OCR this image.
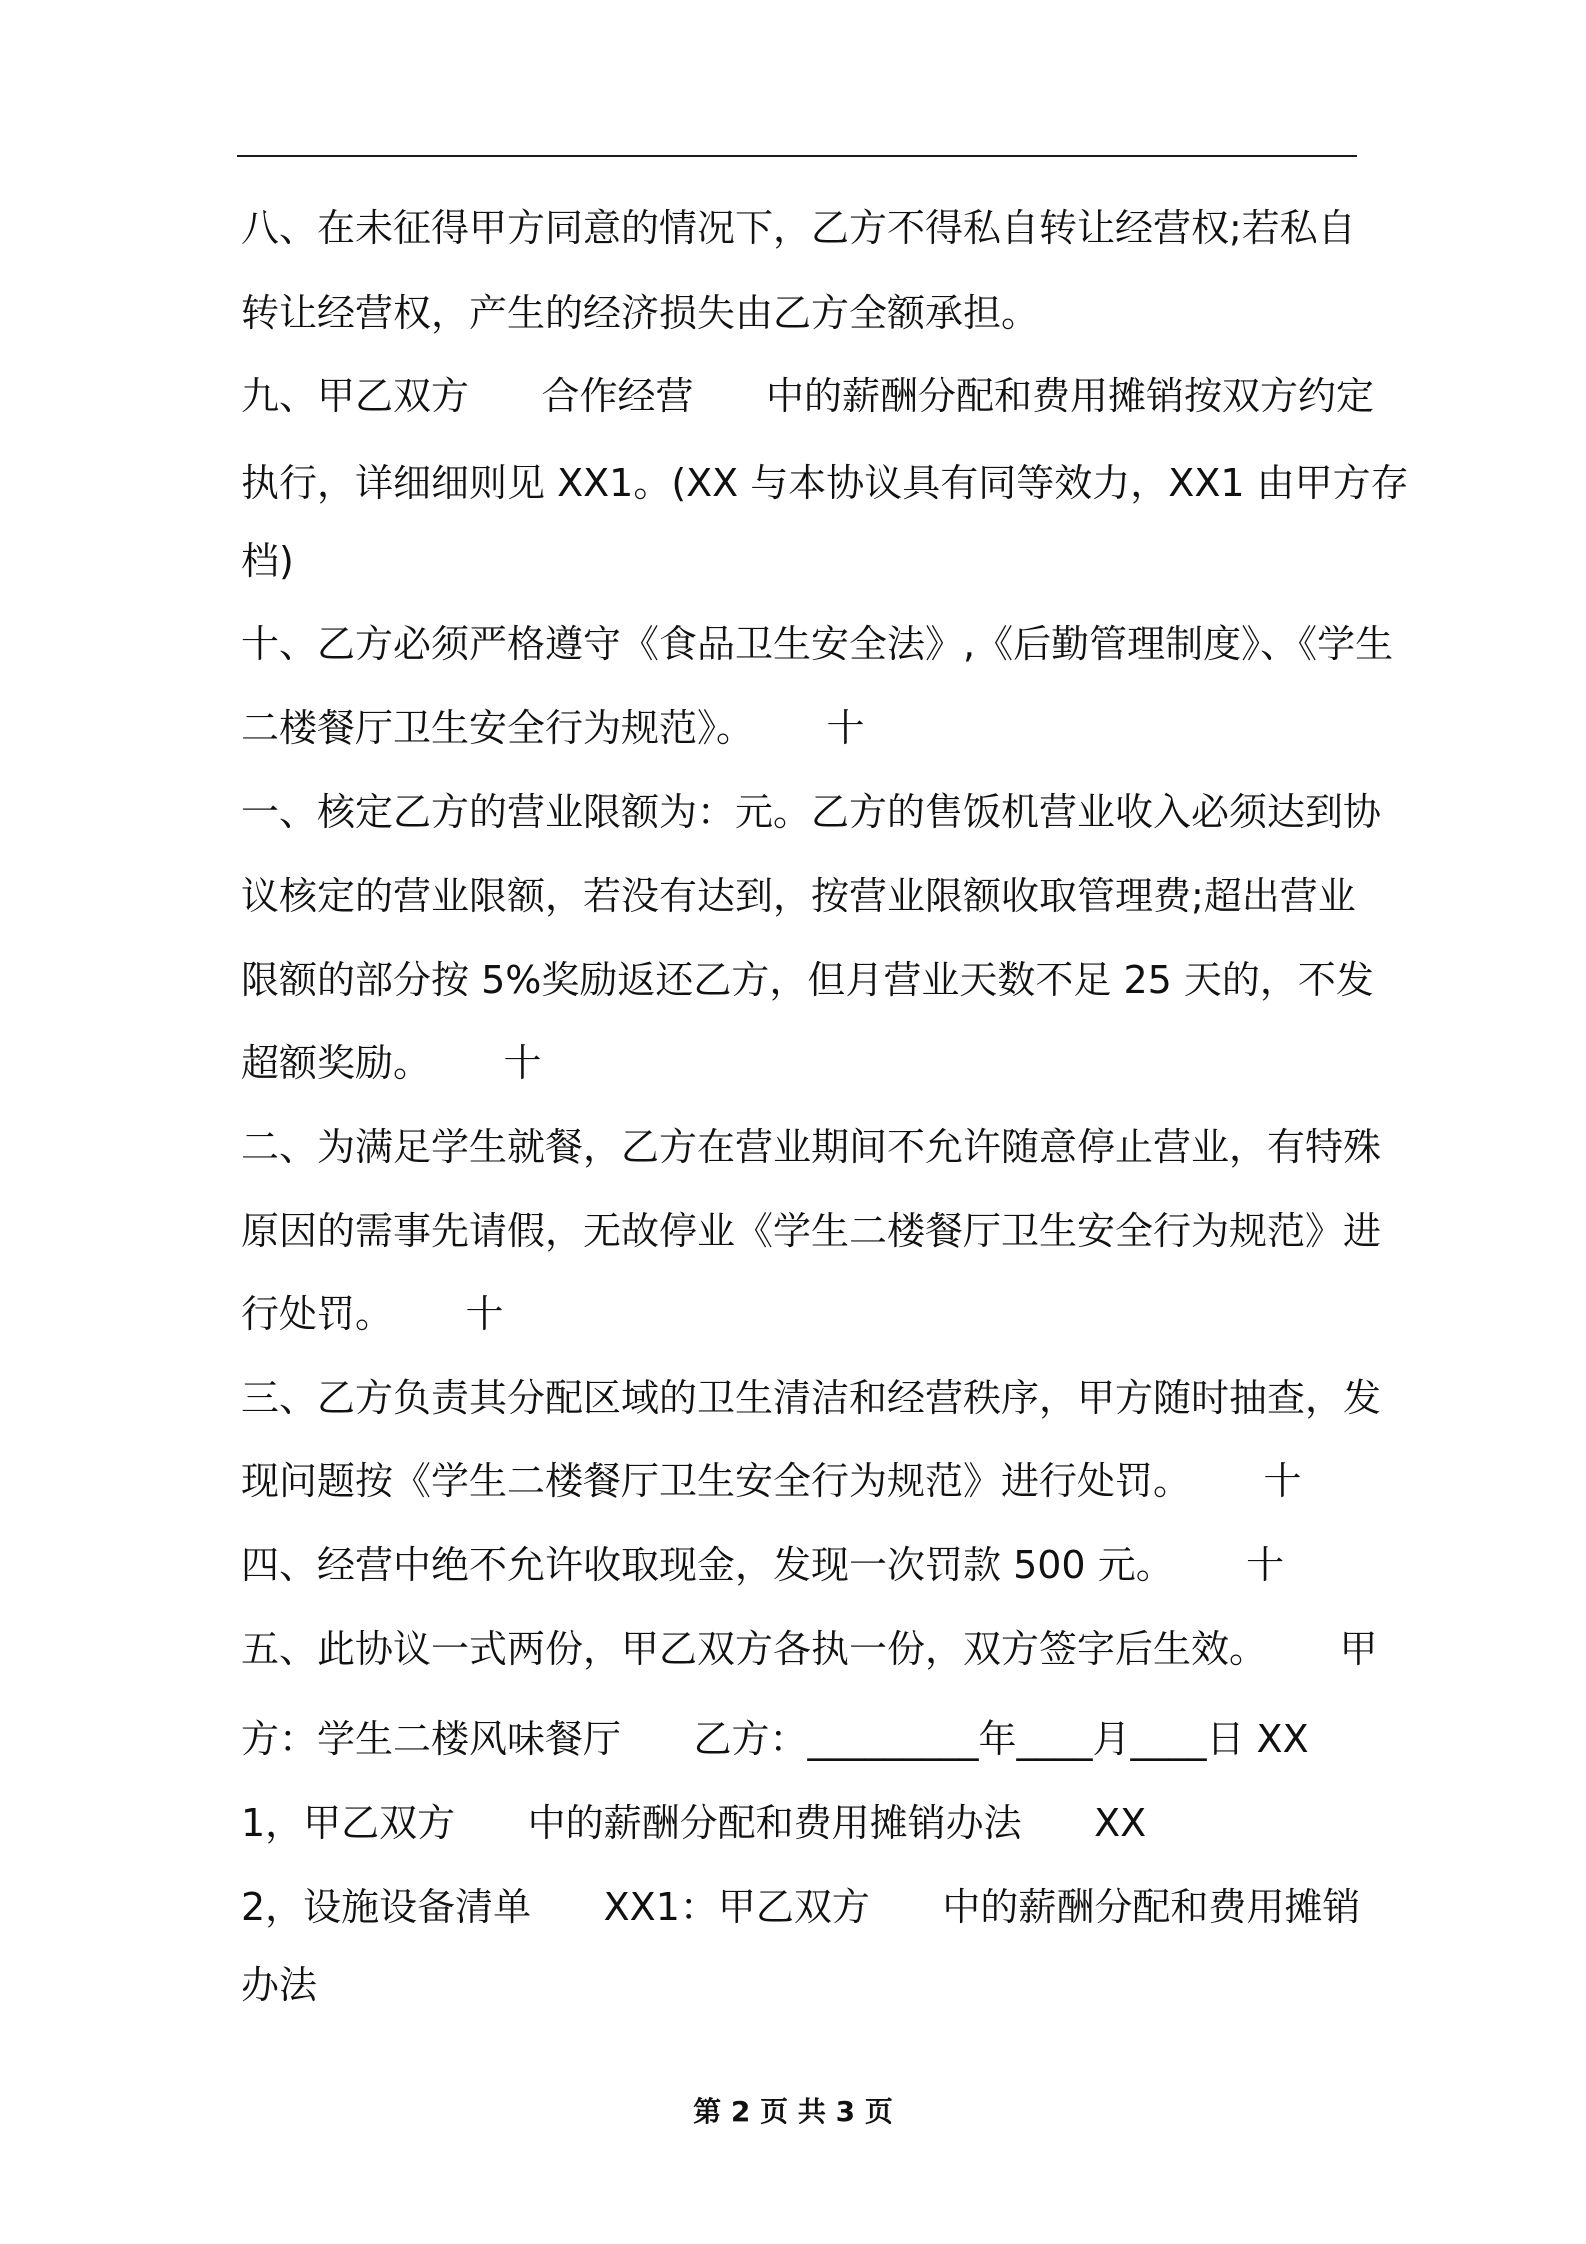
八、在未征得甲方同意的情况下，乙方不得私自转让经营权;若私自
转让经营权，产生的经济损失由乙方全额承担。
九、甲乙双方      合作经营      中的薪酬分配和费用摊销按双方约定
执行，详细细则见 XX1。(XX 与本协议具有同等效力，XX1 由甲方存
档)
十、乙方必须严格遵守《食品卫生安全法》,《后勤管理制度》、《学生
二楼餐厅卫生安全行为规范》。      十
一、核定乙方的营业限额为：元。乙方的售饭机营业收入必须达到协
议核定的营业限额，若没有达到，按营业限额收取管理费;超出营业
限额的部分按 5%奖励返还乙方，但月营业天数不足 25 天的，不发
超额奖励。      十
二、为满足学生就餐，乙方在营业期间不允许随意停止营业，有特殊
原因的需事先请假，无故停业《学生二楼餐厅卫生安全行为规范》进
行处罚。      十
三、乙方负责其分配区域的卫生清洁和经营秩序，甲方随时抽查，发
现问题按《学生二楼餐厅卫生安全行为规范》进行处罚。      十
四、经营中绝不允许收取现金，发现一次罚款 500 元。      十
五、此协议一式两份，甲乙双方各执一份，双方签字后生效。      甲
方：学生二楼风味餐厅      乙方：_________年____月____日 XX
1，甲乙双方      中的薪酬分配和费用摊销办法      XX
2，设施设备清单      XX1：甲乙双方      中的薪酬分配和费用摊销
办法
第 2 页 共 3 页
